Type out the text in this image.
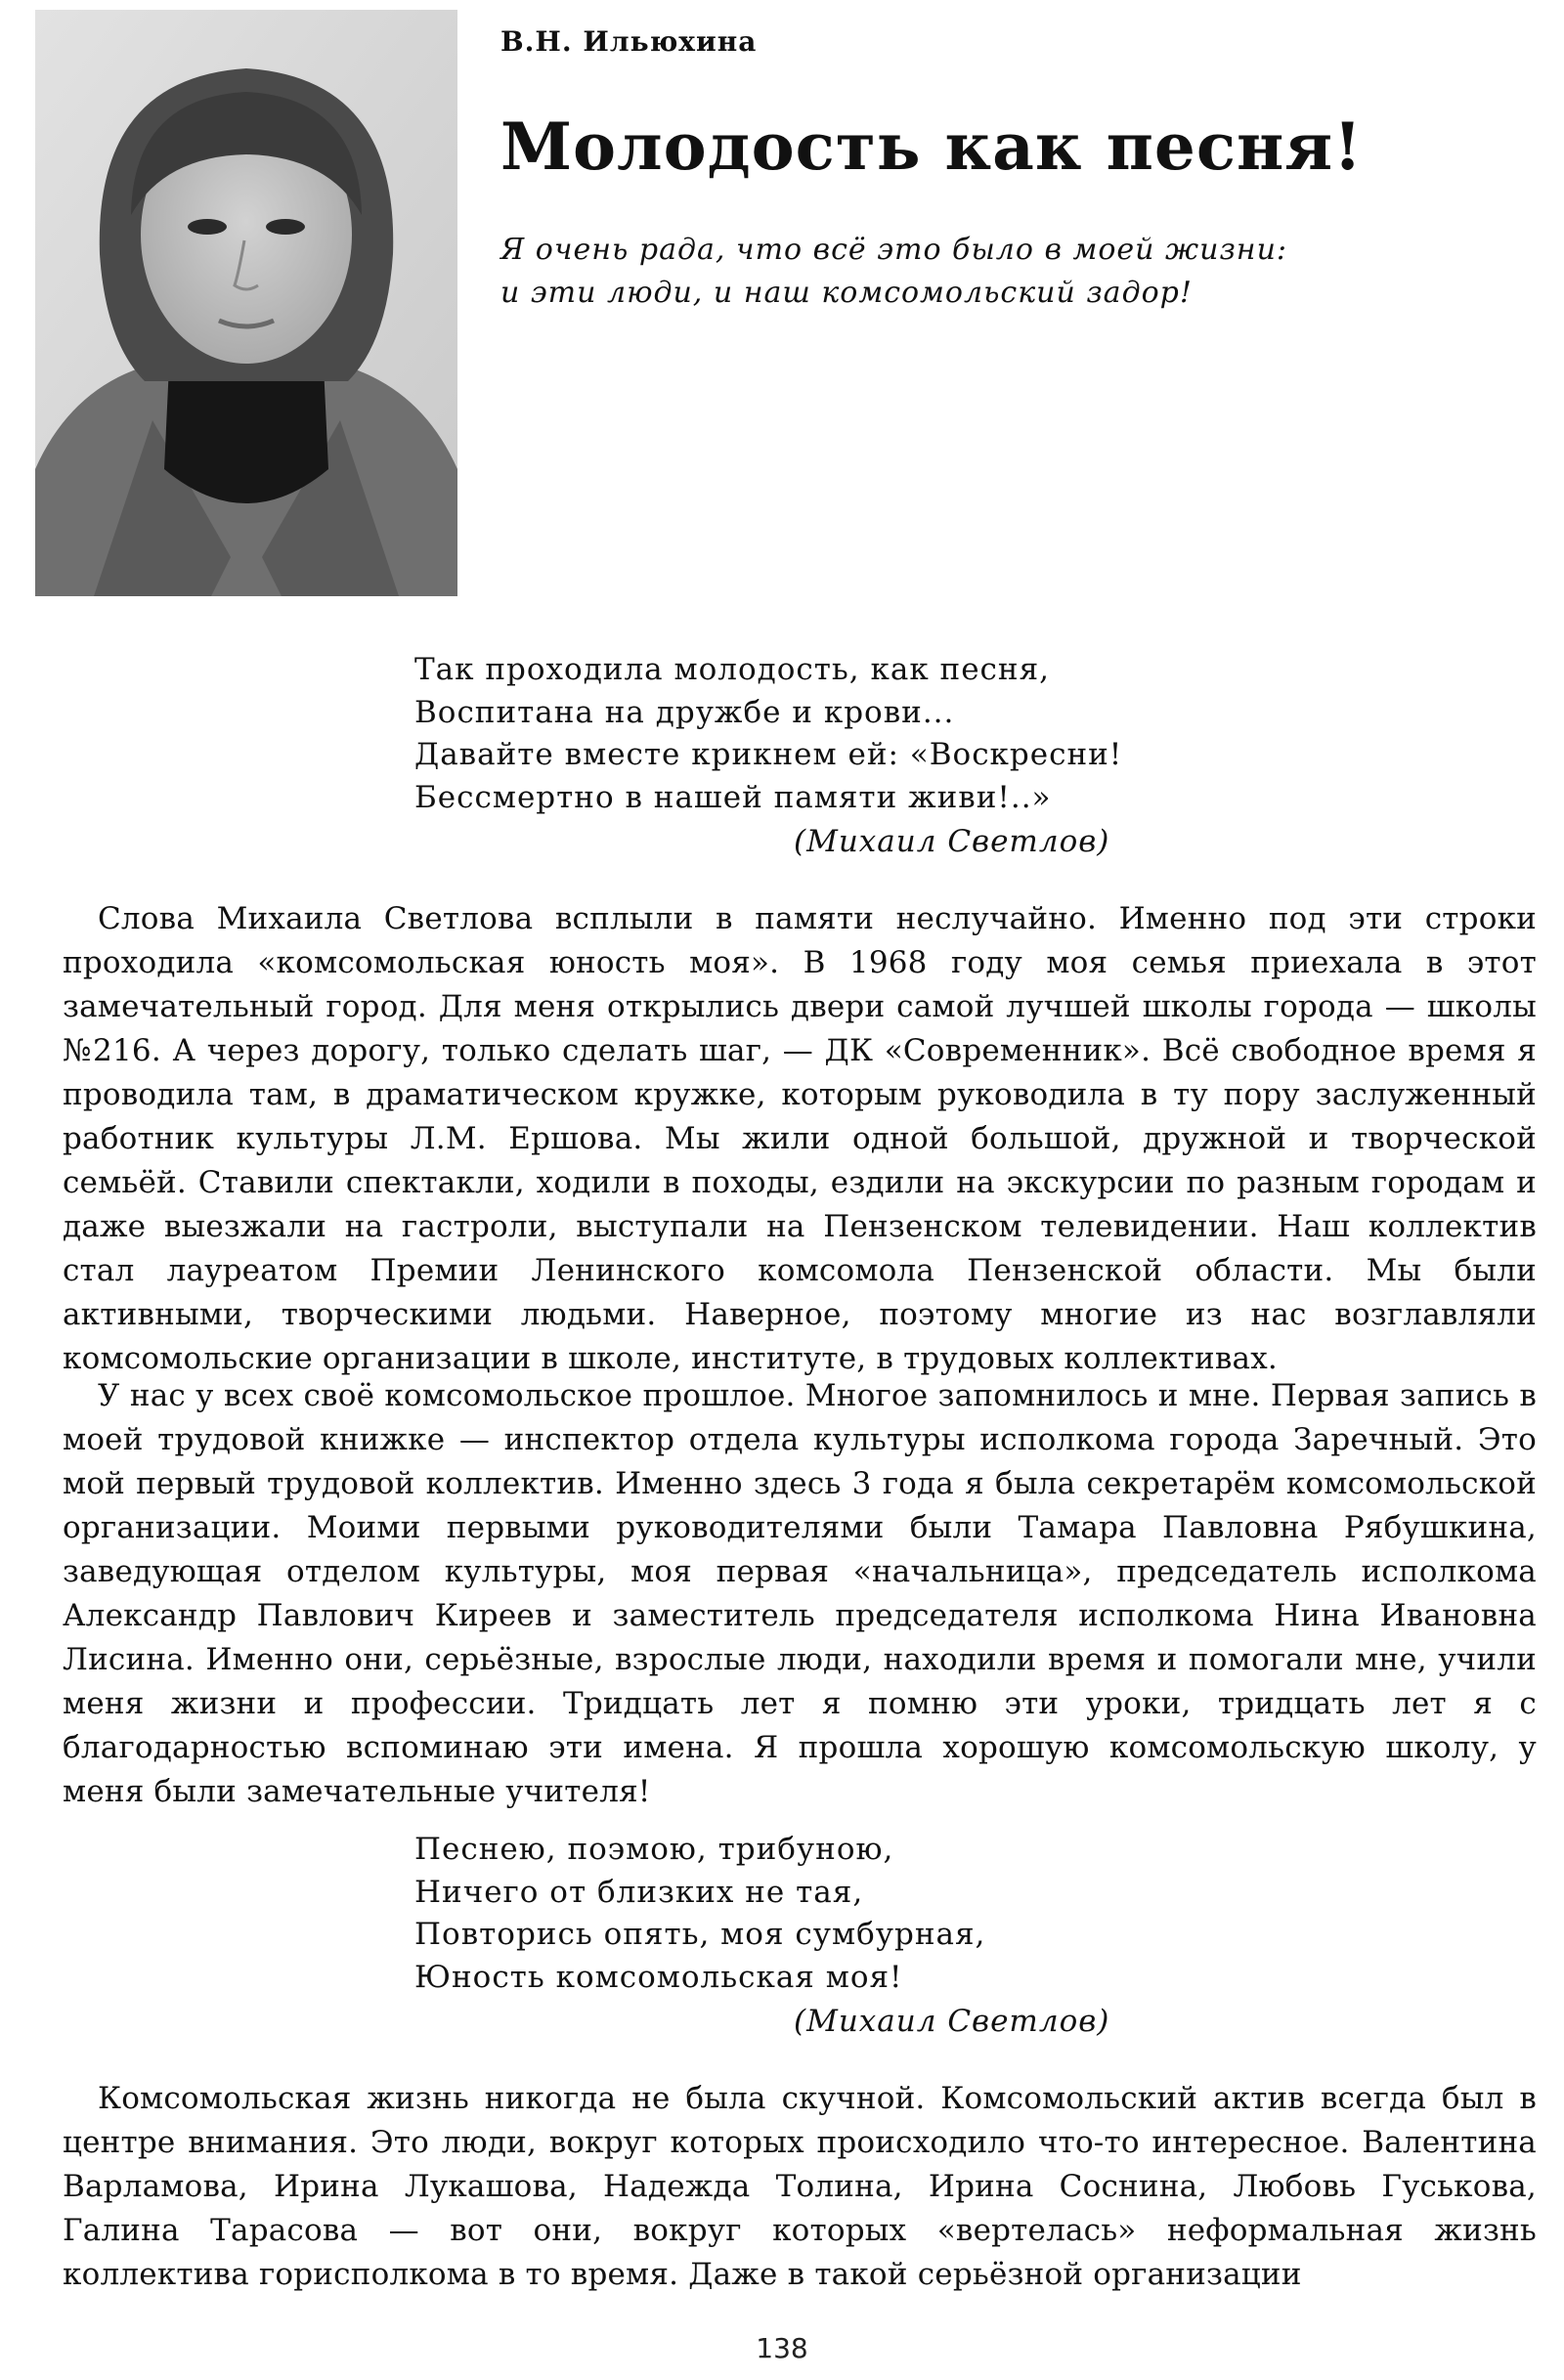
В.Н. Ильюхина
Молодость как песня!
Я очень рада, что всё это было в моей жизни:
и эти люди, и наш комсомольский задор!
Так проходила молодость, как песня,
Воспитана на дружбе и крови...
Давайте вместе крикнем ей: «Воскресни!
Бессмертно в нашей памяти живи!..»
(Михаил Светлов)

Слова Михаила Светлова всплыли в памяти неслучайно. Именно под эти строки проходила «комсомольская юность моя». В 1968 году моя семья приехала в этот замечательный город. Для меня открылись двери самой лучшей школы города — школы №216. А через дорогу, только сделать шаг, — ДК «Современник». Всё свободное время я проводила там, в драматическом кружке, которым руководила в ту пору заслуженный работник культуры Л.М. Ершова. Мы жили одной большой, дружной и творческой семьёй. Ставили спектакли, ходили в походы, ездили на экскурсии по разным городам и даже выезжали на гастроли, выступали на Пензенском телевидении. Наш коллектив стал лауреатом Премии Ленинского комсомола Пензенской области. Мы были активными, творческими людьми. Наверное, поэтому многие из нас возглавляли комсомольские организации в школе, институте, в трудовых коллективах.

У нас у всех своё комсомольское прошлое. Многое запомнилось и мне. Первая запись в моей трудовой книжке — инспектор отдела культуры исполкома города Заречный. Это мой первый трудовой коллектив. Именно здесь 3 года я была секретарём комсомольской организации. Моими первыми руководителями были Тамара Павловна Рябушкина, заведующая отделом культуры, моя первая «начальница», председатель исполкома Александр Павлович Киреев и заместитель председателя исполкома Нина Ивановна Лисина. Именно они, серьёзные, взрослые люди, находили время и помогали мне, учили меня жизни и профессии. Тридцать лет я помню эти уроки, тридцать лет я с благодарностью вспоминаю эти имена. Я прошла хорошую комсомольскую школу, у меня были замечательные учителя!

Песнею, поэмою, трибуною,
Ничего от близких не тая,
Повторись опять, моя сумбурная,
Юность комсомольская моя!
(Михаил Светлов)

Комсомольская жизнь никогда не была скучной. Комсомольский актив всегда был в центре внимания. Это люди, вокруг которых происходило что-то интересное. Валентина Варламова, Ирина Лукашова, Надежда Толина, Ирина Соснина, Любовь Гуськова, Галина Тарасова — вот они, вокруг которых «вертелась» неформальная жизнь коллектива горисполкома в то время. Даже в такой серьёзной организации

138
